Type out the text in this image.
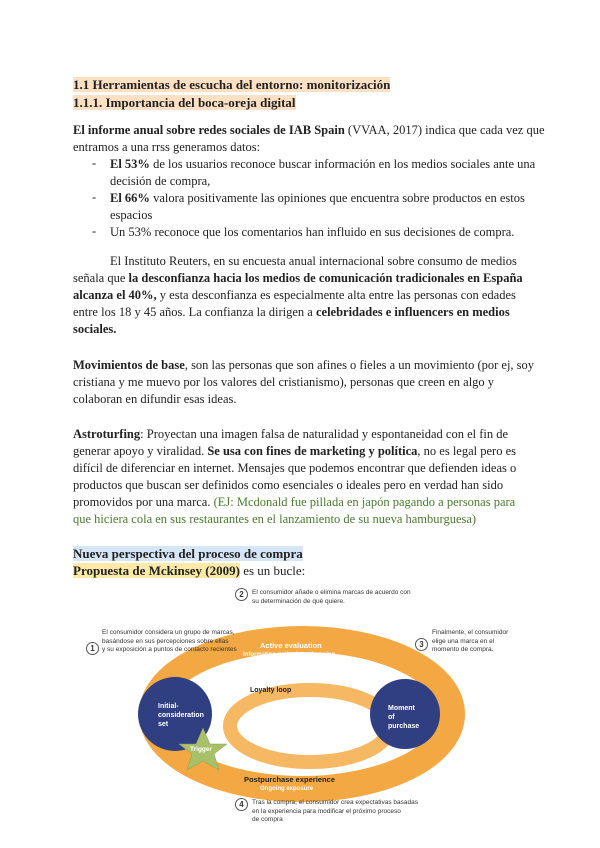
1.1 Herramientas de escucha del entorno: monitorización
1.1.1. Importancia del boca-oreja digital
El informe anual sobre redes sociales de IAB Spain (VVAA, 2017) indica que cada vez que
entramos a una rrss generamos datos:
- El 53% de los usuarios reconoce buscar información en los medios sociales ante una
decisión de compra,
- El 66% valora positivamente las opiniones que encuentra sobre productos en estos
espacios
- Un 53% reconoce que los comentarios han influido en sus decisiones de compra.
El Instituto Reuters, en su encuesta anual internacional sobre consumo de medios
señala que la desconfianza hacia los medios de comunicación tradicionales en España
alcanza el 40%, y esta desconfianza es especialmente alta entre las personas con edades
entre los 18 y 45 años. La confianza la dirigen a celebridades e influencers en medios
sociales.
Movimientos de base, son las personas que son afines o fieles a un movimiento (por ej, soy
cristiana y me muevo por los valores del cristianismo), personas que creen en algo y
colaboran en difundir esas ideas.
Astroturfing: Proyectan una imagen falsa de naturalidad y espontaneidad con el fin de
generar apoyo y viralidad. Se usa con fines de marketing y política, no es legal pero es
difícil de diferenciar en internet. Mensajes que podemos encontrar que defienden ideas o
productos que buscan ser definidos como esenciales o ideales pero en verdad han sido
promovidos por una marca. (EJ: Mcdonald fue pillada en japón pagando a personas para
que hiciera cola en sus restaurantes en el lanzamiento de su nueva hamburguesa)
Nueva perspectiva del proceso de compra
Propuesta de Mckinsey (2009) es un bucle:
Active evaluation
Information gathering, shopping
Loyalty loop
Initial-
consideration
set
Moment
of
purchase
Trigger
Postpurchase experience
Ongoing exposure
1
El consumidor considera un grupo de marcas,
basándose en sus percepciones sobre ellas
y su exposición a puntos de contacto recientes
2	El consumidor añade o elimina marcas de acuerdo con
su determinación de qué quiere.
3
Finalmente, el consumidor
elige una marca en el
momento de compra.
4	Tras la compra, el consumidor crea expectativas basadas
en la experiencia para modificar el próximo proceso
de compra
